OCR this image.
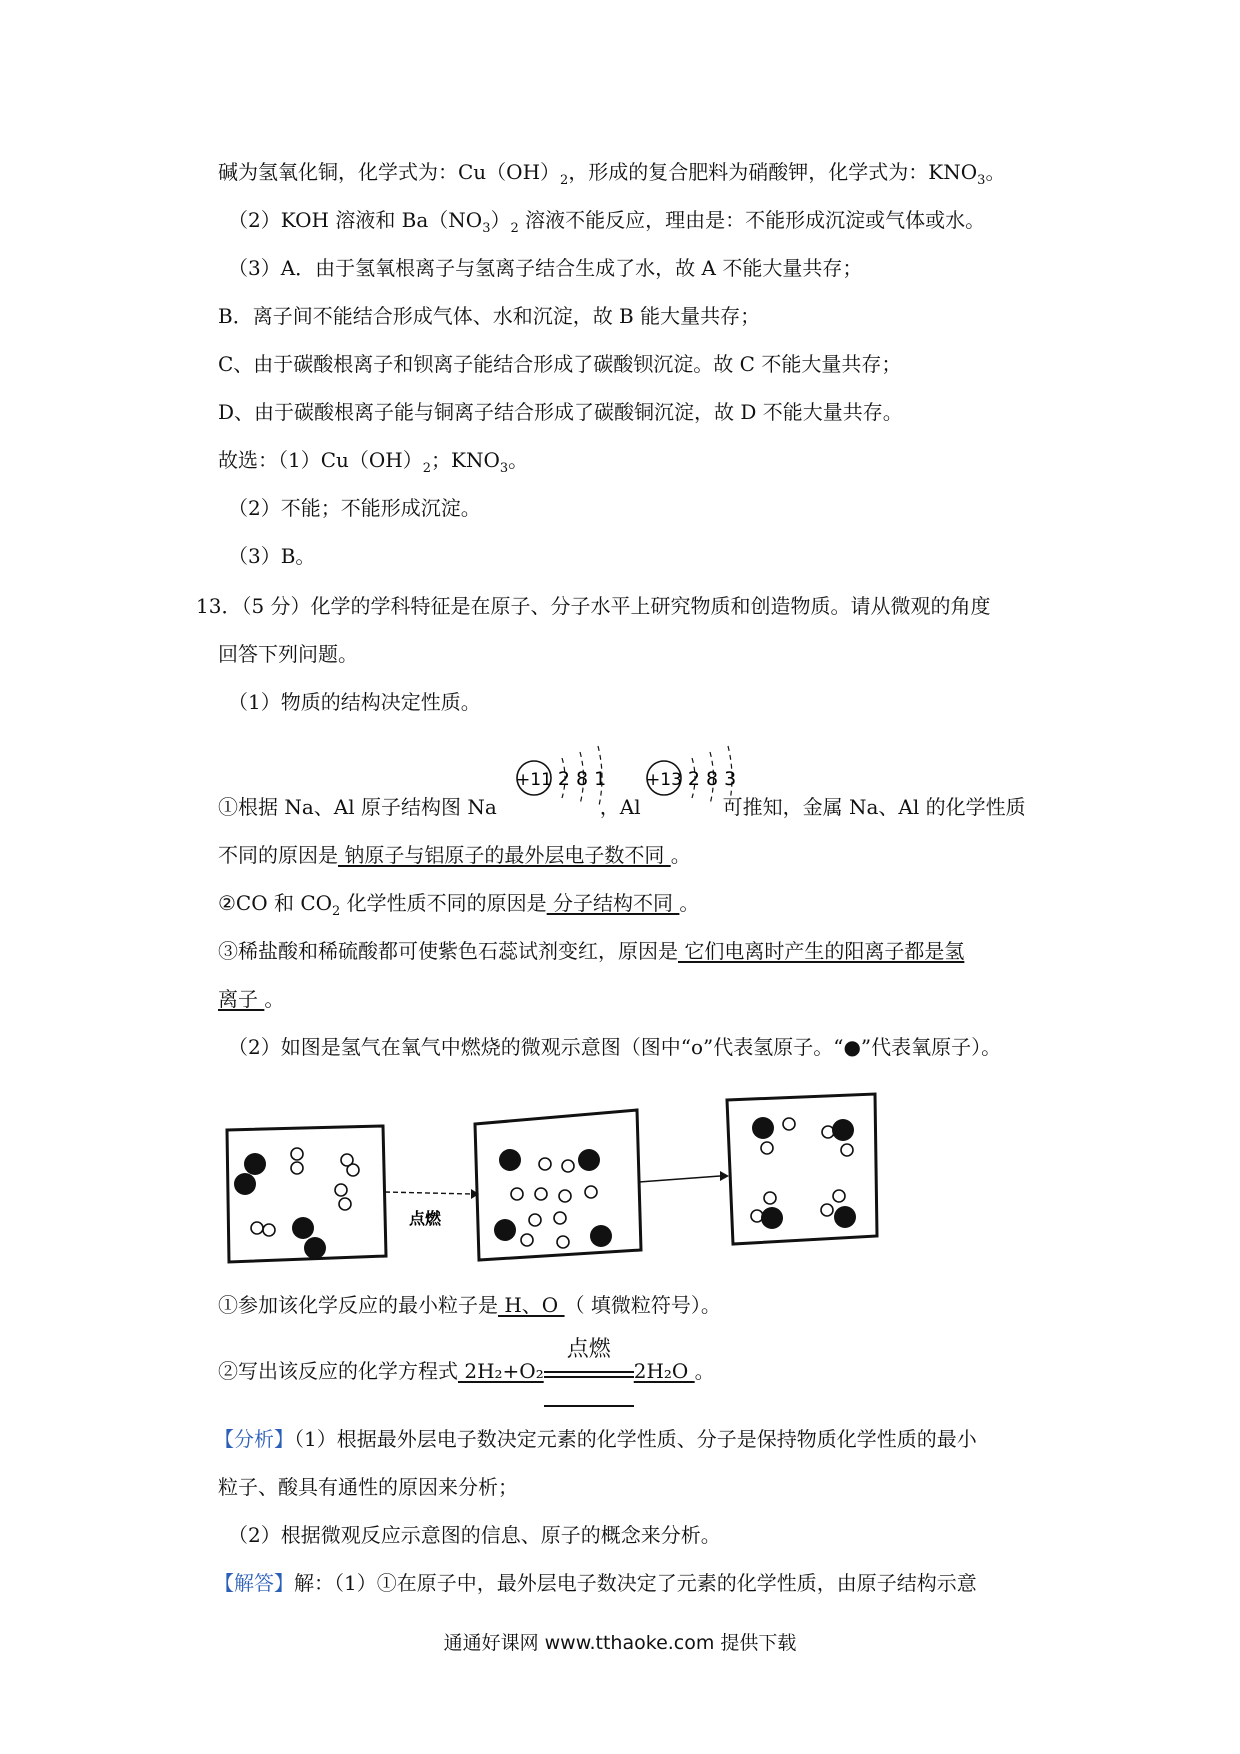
碱为氢氧化铜，化学式为：$Cu(OH)_2$，形成的复合肥料为硝酸钾，化学式为：$KNO_3$。
（2）KOH 溶液和 $Ba(NO_3)_2$ 溶液不能反应，理由是：不能形成沉淀或气体或水。
（3）A．由于氢氧根离子与氢离子结合生成了水，故 A 不能大量共存；
B．离子间不能结合形成气体、水和沉淀，故 B 能大量共存；
C、由于碳酸根离子和钡离子能结合形成了碳酸钡沉淀。故 C 不能大量共存；
D、由于碳酸根离子能与铜离子结合形成了碳酸铜沉淀，故 D 不能大量共存。
故选：$(1)Cu(OH)_2$；$KNO_3$。
（2）不能；不能形成沉淀。
（3）B。
13．（5 分）化学的学科特征是在原子、分子水平上研究物质和创造物质。请从微观的角度
回答下列问题。
（1）物质的结构决定性质。
+11 2 8 1 +13 2 8 3
①根据 Na、Al 原子结构图 Na	，Al	可推知，金属 Na、Al 的化学性质
不同的原因是 钠原子与铝原子的最外层电子数不同 。
②CO 和 $CO_2$ 化学性质不同的原因是 分子结构不同 。
③稀盐酸和稀硫酸都可使紫色石蕊试剂变红，原因是 它们电离时产生的阳离子都是氢
离子 。
（2）如图是氢气在氧气中燃烧的微观示意图（图中“o”代表氢原子。“●”代表氧原子）。
点燃
①参加该化学反应的最小粒子是 H、O （ 填微粒符号）。
②写出该反应的化学方程式 2H₂+O₂
点燃
2H₂O 。
【分析】（1）根据最外层电子数决定元素的化学性质、分子是保持物质化学性质的最小
粒子、酸具有通性的原因来分析；
（2）根据微观反应示意图的信息、原子的概念来分析。
【解答】解：（1）①在原子中，最外层电子数决定了元素的化学性质，由原子结构示意
通通好课网 www.tthaoke.com 提供下载
